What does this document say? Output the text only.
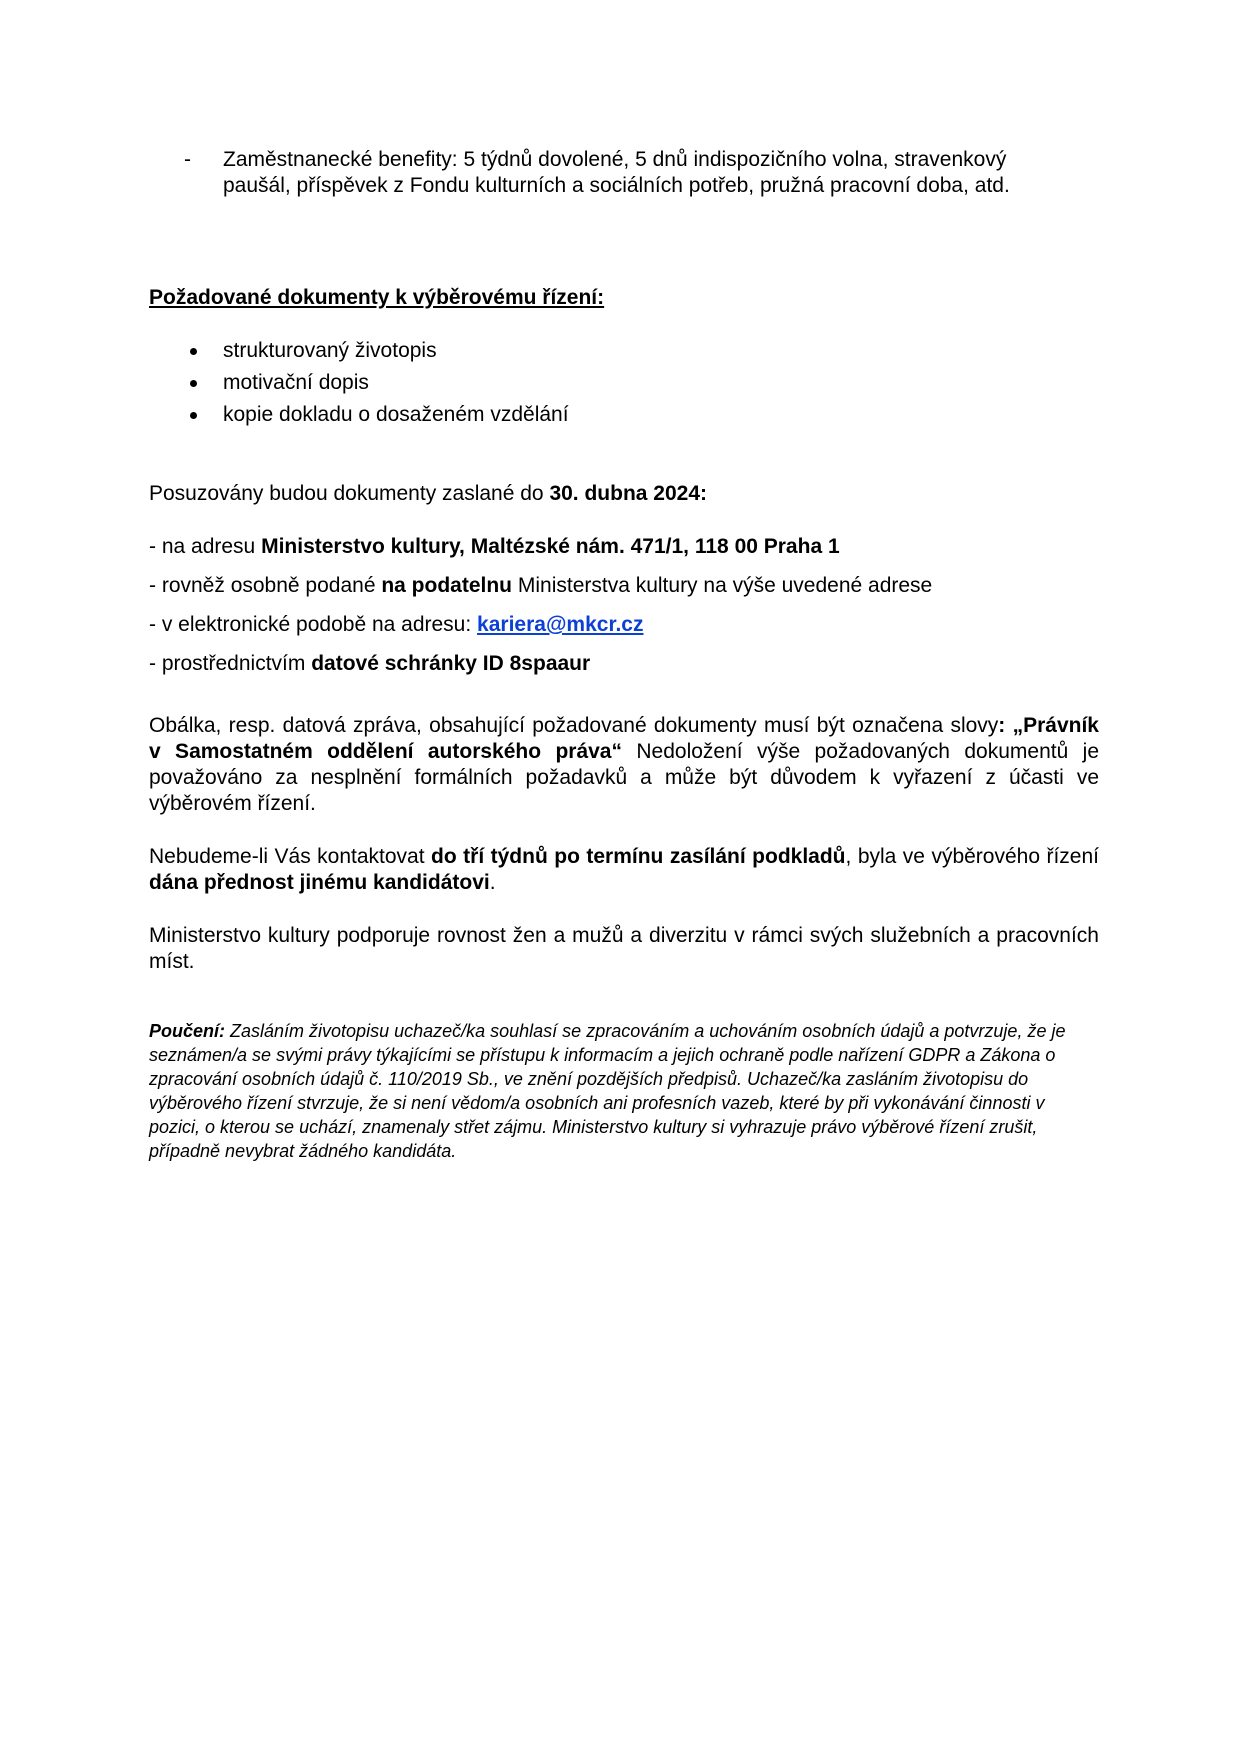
- Zaměstnanecké benefity: 5 týdnů dovolené, 5 dnů indispozičního volna, stravenkový paušál, příspěvek z Fondu kulturních a sociálních potřeb, pružná pracovní doba, atd.
Požadované dokumenty k výběrovému řízení:
strukturovaný životopis
motivační dopis
kopie dokladu o dosaženém vzdělání
Posuzovány budou dokumenty zaslané do 30. dubna 2024:
- na adresu Ministerstvo kultury, Maltézské nám. 471/1, 118 00 Praha 1
- rovněž osobně podané na podatelnu Ministerstva kultury na výše uvedené adrese
- v elektronické podobě na adresu: kariera@mkcr.cz
- prostřednictvím datové schránky ID 8spaaur
Obálka, resp. datová zpráva, obsahující požadované dokumenty musí být označena slovy: „Právník v Samostatném oddělení autorského práva“ Nedoložení výše požadovaných dokumentů je považováno za nesplnění formálních požadavků a může být důvodem k vyřazení z účasti ve výběrovém řízení.
Nebudeme-li Vás kontaktovat do tří týdnů po termínu zasílání podkladů, byla ve výběrového řízení dána přednost jinému kandidátovi.
Ministerstvo kultury podporuje rovnost žen a mužů a diverzitu v rámci svých služebních a pracovních míst.
Poučení: Zasláním životopisu uchazeč/ka souhlasí se zpracováním a uchováním osobních údajů a potvrzuje, že je seznámen/a se svými právy týkajícími se přístupu k informacím a jejich ochraně podle nařízení GDPR a Zákona o zpracování osobních údajů č. 110/2019 Sb., ve znění pozdějších předpisů. Uchazeč/ka zasláním životopisu do výběrového řízení stvrzuje, že si není vědom/a osobních ani profesních vazeb, které by při vykonávání činnosti v pozici, o kterou se uchází, znamenaly střet zájmu. Ministerstvo kultury si vyhrazuje právo výběrové řízení zrušit, případně nevybrat žádného kandidáta.
